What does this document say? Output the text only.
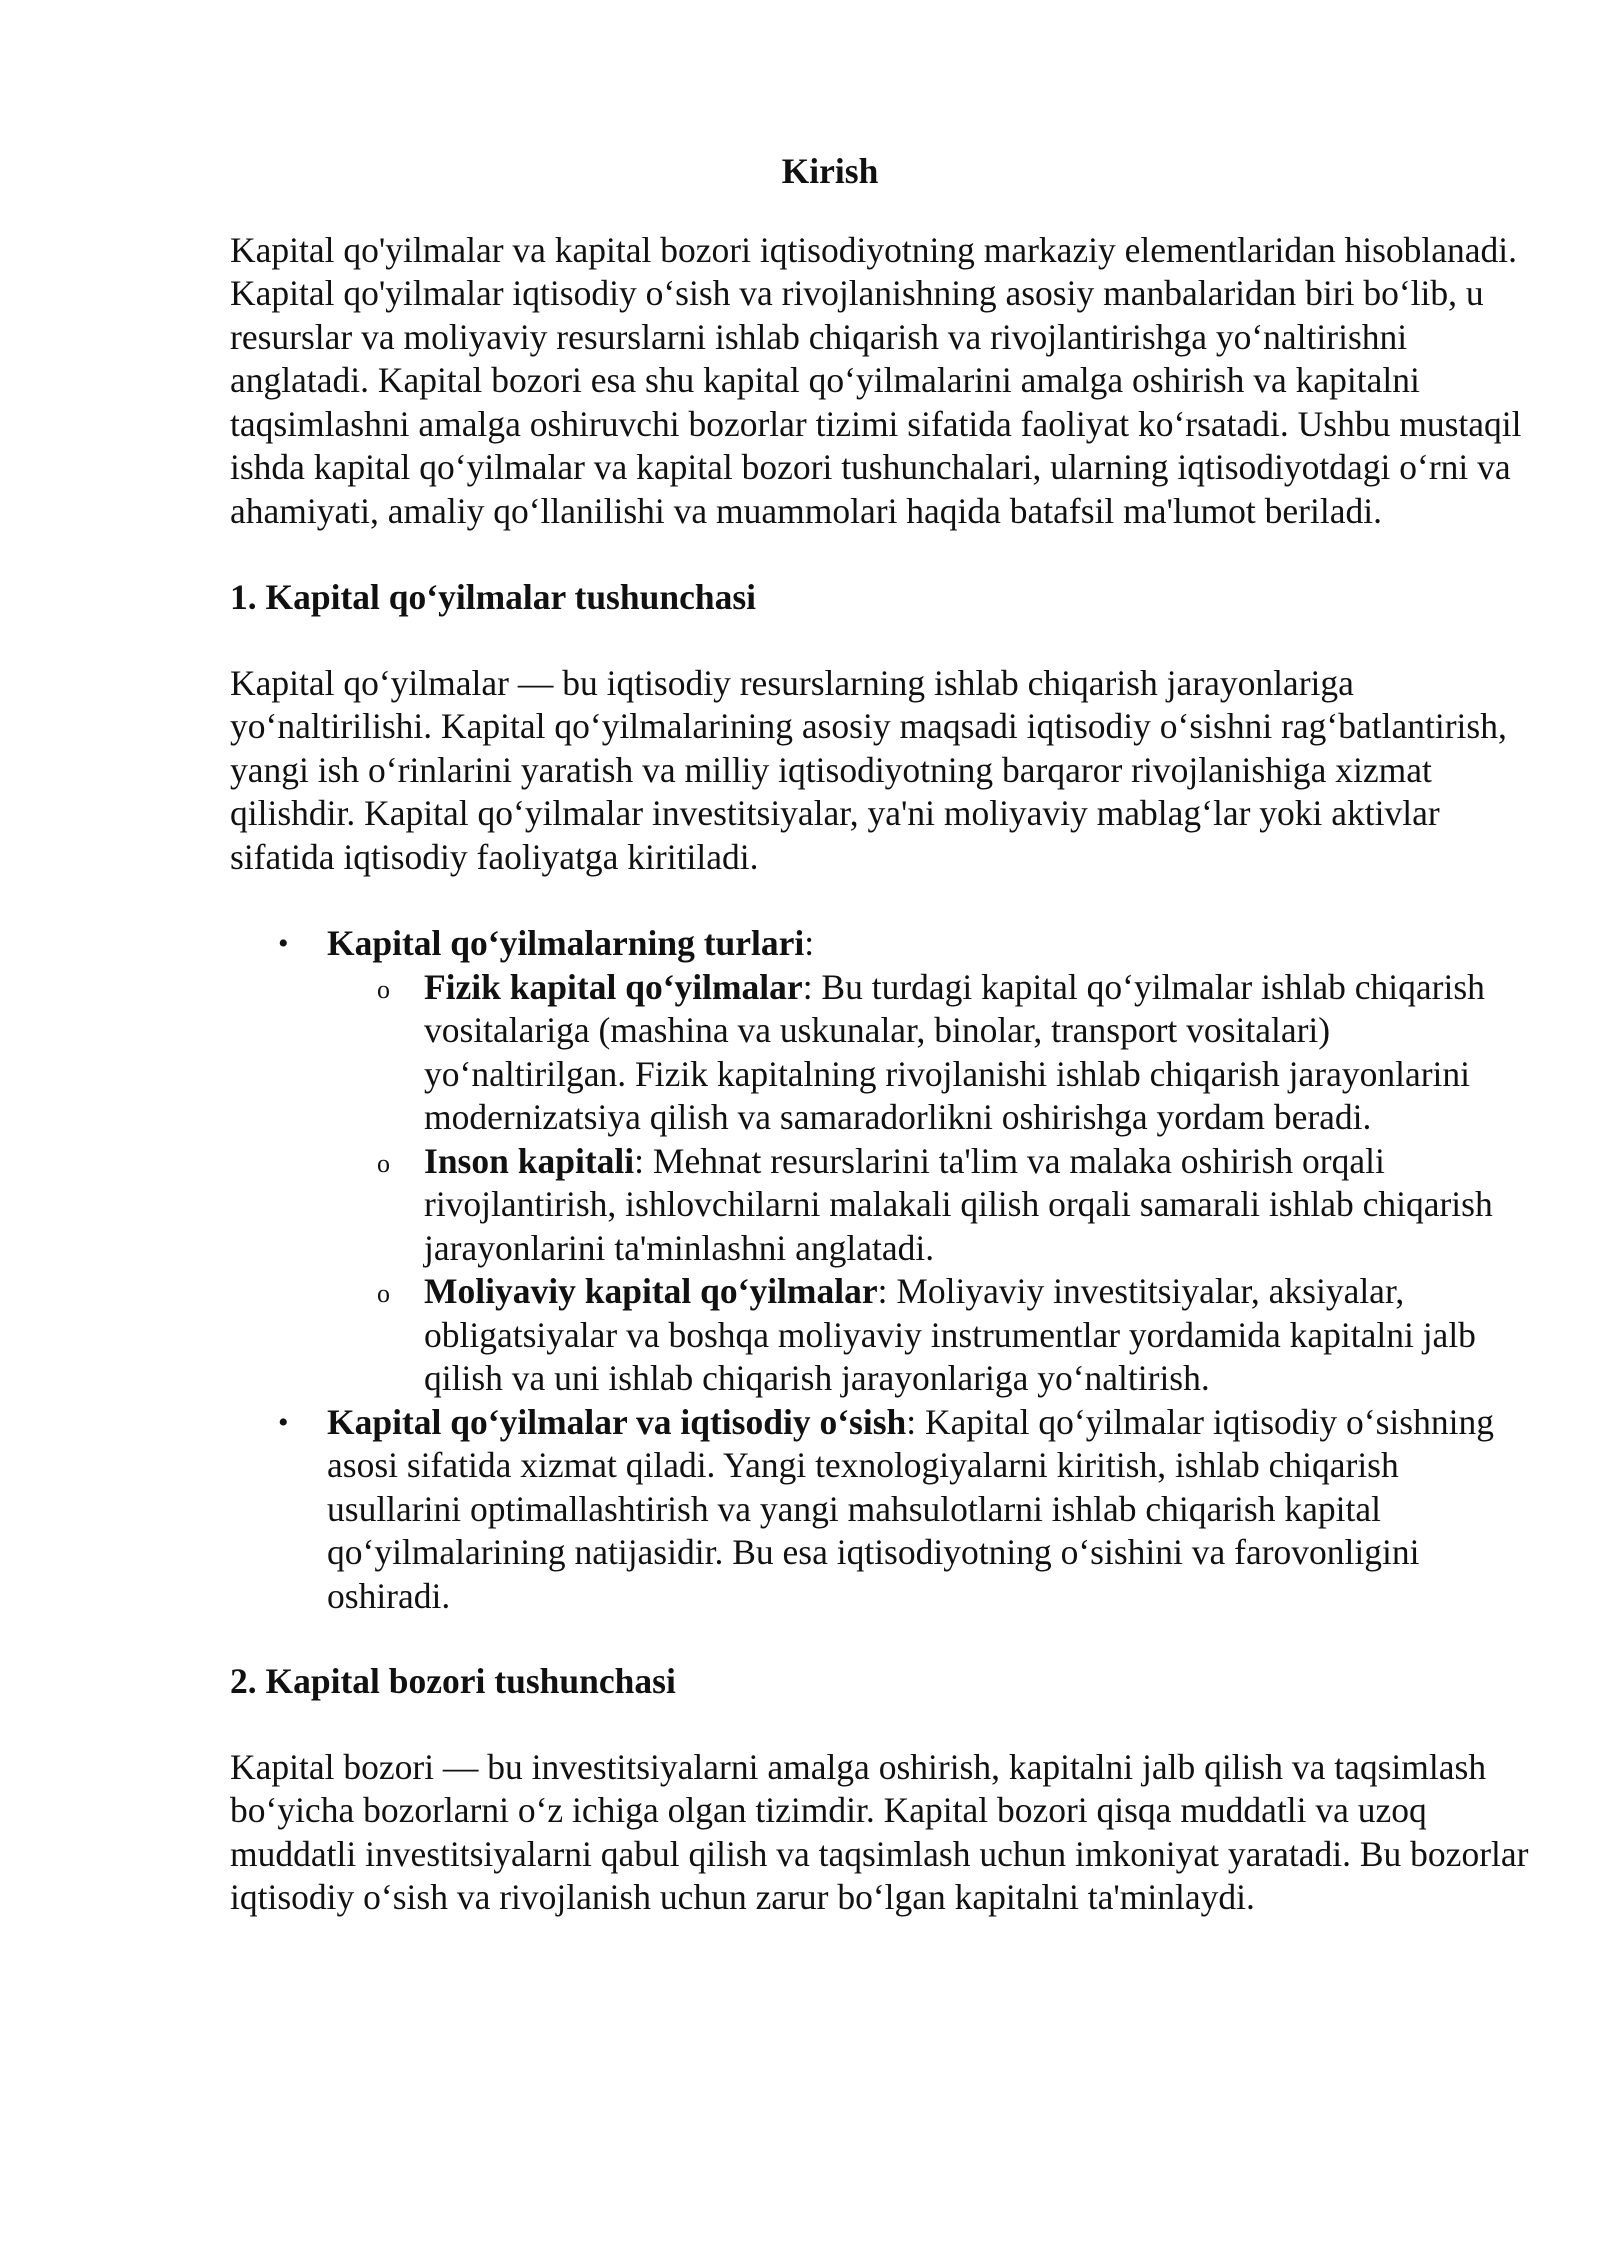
Kirish

Kapital qo'yilmalar va kapital bozori iqtisodiyotning markaziy elementlaridan hisoblanadi. Kapital qo'yilmalar iqtisodiy o‘sish va rivojlanishning asosiy manbalaridan biri bo‘lib, u resurslar va moliyaviy resurslarni ishlab chiqarish va rivojlantirishga yo‘naltirishni anglatadi. Kapital bozori esa shu kapital qo‘yilmalarini amalga oshirish va kapitalni taqsimlashni amalga oshiruvchi bozorlar tizimi sifatida faoliyat ko‘rsatadi. Ushbu mustaqil ishda kapital qo‘yilmalar va kapital bozori tushunchalari, ularning iqtisodiyotdagi o‘rni va ahamiyati, amaliy qo‘llanilishi va muammolari haqida batafsil ma'lumot beriladi.

1. Kapital qo‘yilmalar tushunchasi

Kapital qo‘yilmalar — bu iqtisodiy resurslarning ishlab chiqarish jarayonlariga yo‘naltirilishi. Kapital qo‘yilmalarining asosiy maqsadi iqtisodiy o‘sishni rag‘batlantirish, yangi ish o‘rinlarini yaratish va milliy iqtisodiyotning barqaror rivojlanishiga xizmat qilishdir. Kapital qo‘yilmalar investitsiyalar, ya'ni moliyaviy mablag‘lar yoki aktivlar sifatida iqtisodiy faoliyatga kiritiladi.

• Kapital qo‘yilmalarning turlari:
o Fizik kapital qo‘yilmalar: Bu turdagi kapital qo‘yilmalar ishlab chiqarish vositalariga (mashina va uskunalar, binolar, transport vositalari) yo‘naltirilgan. Fizik kapitalning rivojlanishi ishlab chiqarish jarayonlarini modernizatsiya qilish va samaradorlikni oshirishga yordam beradi.
o Inson kapitali: Mehnat resurslarini ta'lim va malaka oshirish orqali rivojlantirish, ishlovchilarni malakali qilish orqali samarali ishlab chiqarish jarayonlarini ta'minlashni anglatadi.
o Moliyaviy kapital qo‘yilmalar: Moliyaviy investitsiyalar, aksiyalar, obligatsiyalar va boshqa moliyaviy instrumentlar yordamida kapitalni jalb qilish va uni ishlab chiqarish jarayonlariga yo‘naltirish.
• Kapital qo‘yilmalar va iqtisodiy o‘sish: Kapital qo‘yilmalar iqtisodiy o‘sishning asosi sifatida xizmat qiladi. Yangi texnologiyalarni kiritish, ishlab chiqarish usullarini optimallashtirish va yangi mahsulotlarni ishlab chiqarish kapital qo‘yilmalarining natijasidir. Bu esa iqtisodiyotning o‘sishini va farovonligini oshiradi.
2. Kapital bozori tushunchasi

Kapital bozori — bu investitsiyalarni amalga oshirish, kapitalni jalb qilish va taqsimlash bo‘yicha bozorlarni o‘z ichiga olgan tizimdir. Kapital bozori qisqa muddatli va uzoq muddatli investitsiyalarni qabul qilish va taqsimlash uchun imkoniyat yaratadi. Bu bozorlar iqtisodiy o‘sish va rivojlanish uchun zarur bo‘lgan kapitalni ta'minlaydi.
